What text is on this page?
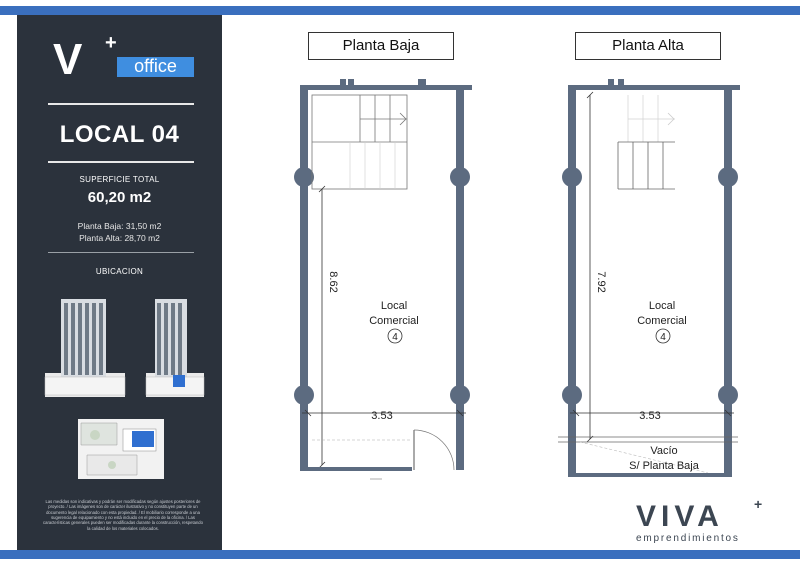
V +
office

LOCAL 04

SUPERFICIE TOTAL

60,20 m2

Planta Baja: 31,50 m2

Planta Alta: 28,70 m2

UBICACION

Las medidas son indicativas y podrán ser modificadas según ajustes posteriores de proyecto. / Las imágenes son de carácter ilustrativo y no constituyen parte de un documento legal relacionado con esta propiedad. / El mobiliario corresponde a una sugerencia de equipamiento y no está incluido en el precio de la oficina. / Las características generales pueden ser modificadas durante la construcción, respetando la calidad de los materiales colocados.

Planta Baja	Planta Alta
8.62
3.53
Local
Comercial
4
7.92
3.53
Local
Comercial
4
Vacío
S/ Planta Baja
VIVA +
emprendimientos
